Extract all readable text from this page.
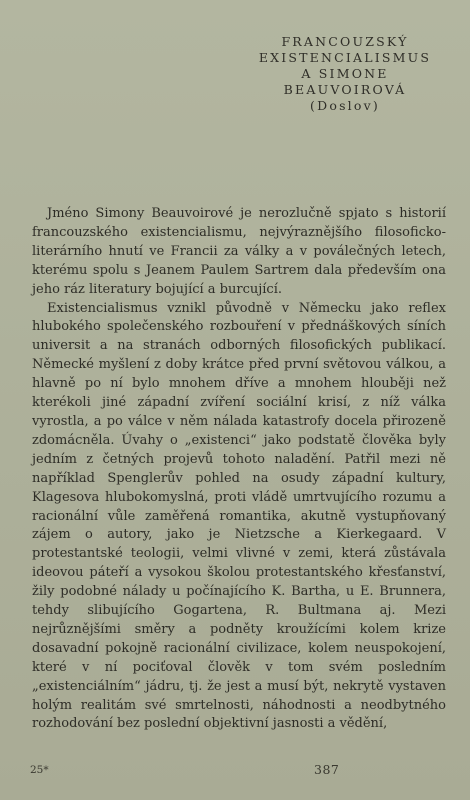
FRANCOUZSKÝ
EXISTENCIALISMUS
A SIMONE
BEAUVOIROVÁ
(Doslov)

Jméno Simony Beauvoirové je nerozlučně spjato s historií francouzského existencialismu, nejvýraznějšího filosoficko-literárního hnutí ve Francii za války a v poválečných letech, kterému spolu s Jeanem Paulem Sartrem dala především ona jeho ráz literatury bojující a burcující.

Existencialismus vznikl původně v Německu jako reflex hlubokého společenského rozbouření v přednáškových síních universit a na stranách odborných filosofických publikací. Německé myšlení z doby krátce před první světovou válkou, a hlavně po ní bylo mnohem dříve a mnohem hlouběji než kterékoli jiné západní zvíření sociální krisí, z níž válka vyrostla, a po válce v něm nálada katastrofy docela přirozeně zdomácněla. Úvahy o „existenci“ jako podstatě člověka byly jedním z četných projevů tohoto naladění. Patřil mezi ně například Spenglerův pohled na osudy západní kultury, Klagesova hlubokomyslná, proti vládě umrtvujícího rozumu a racionální vůle zaměřená romantika, akutně vystupňovaný zájem o autory, jako je Nietzsche a Kierkegaard. V protestantské teologii, velmi vlivné v zemi, která zůstávala ideovou páteří a vysokou školou protestantského křesťanství, žily podobné nálady u počínajícího K. Bartha, u E. Brunnera, tehdy slibujícího Gogartena, R. Bultmana aj. Mezi nejrůznějšími směry a podněty kroužícími kolem krize dosavadní pokojně racionální civilizace, kolem neuspokojení, které v ní pociťoval člověk v tom svém posledním „existenciálním“ jádru, tj. že jest a musí být, nekrytě vystaven holým realitám své smrtelnosti, náhodnosti a neodbytného rozhodování bez poslední objektivní jasnosti a vědění,

25*	387
